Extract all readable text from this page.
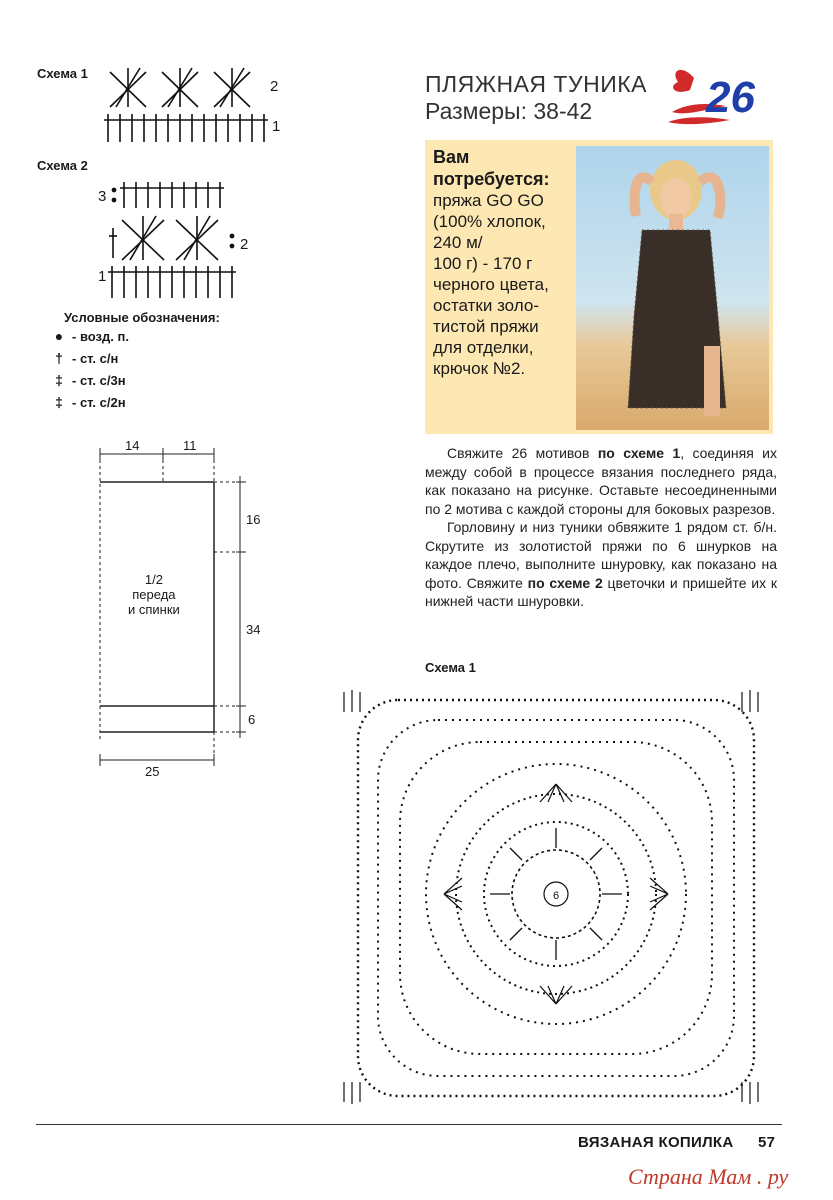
Схема 1
2
1
Схема 2
3
2
1
Условные обозначения:
● - возд. п.
† - ст. с/н
‡ - ст. с/3н
‡ - ст. с/2н
14	11
16
34
6
25
1/2
переда
и спинки
ПЛЯЖНАЯ ТУНИКА
Размеры: 38-42	26
Вам
потребуется:
пряжа GO GO
(100% хлопок,
240 м/
100 г) - 170 г
черного цвета,
остатки золо-
тистой пряжи
для отделки,
крючок №2.

Свяжите 26 мотивов по схеме 1, соединяя их между собой в процессе вязания последнего ряда, как показано на рисунке. Оставьте несоединенными по 2 мотива с каждой стороны для боковых разрезов.

Горловину и низ туники обвяжите 1 рядом ст. б/н. Скрутите из золотистой пряжи по 6 шнурков на каждое плечо, выполните шнуровку, как показано на фото. Свяжите по схеме 2 цветочки и пришейте их к нижней части шнуровки.

Схема 1
6
ВЯЗАНАЯ КОПИЛКА 57
Страна Мам . ру
